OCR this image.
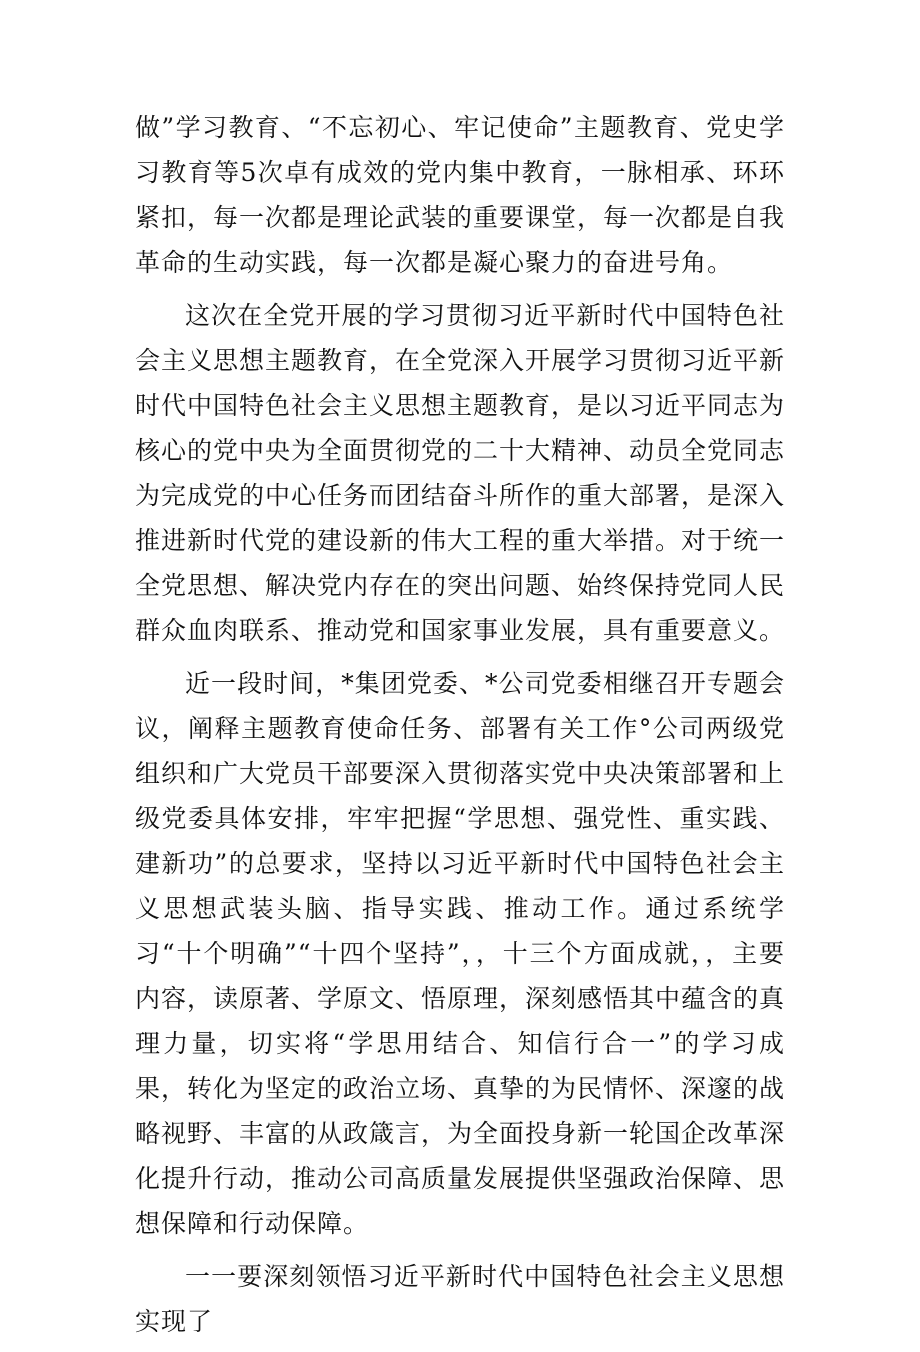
做”学习教育、“不忘初心、牢记使命”主题教育、党史学习教育等5次卓有成效的党内集中教育，一脉相承、环环紧扣，每一次都是理论武装的重要课堂，每一次都是自我革命的生动实践，每一次都是凝心聚力的奋进号角。

这次在全党开展的学习贯彻习近平新时代中国特色社会主义思想主题教育，在全党深入开展学习贯彻习近平新时代中国特色社会主义思想主题教育，是以习近平同志为核心的党中央为全面贯彻党的二十大精神、动员全党同志为完成党的中心任务而团结奋斗所作的重大部署，是深入推进新时代党的建设新的伟大工程的重大举措。对于统一全党思想、解决党内存在的突出问题、始终保持党同人民群众血肉联系、推动党和国家事业发展，具有重要意义。

近一段时间，*集团党委、*公司党委相继召开专题会议，阐释主题教育使命任务、部署有关工作°公司两级党组织和广大党员干部要深入贯彻落实党中央决策部署和上级党委具体安排，牢牢把握“学思想、强党性、重实践、建新功”的总要求，坚持以习近平新时代中国特色社会主义思想武装头脑、指导实践、推动工作。通过系统学习“十个明确”“十四个坚持”，，十三个方面成就，，主要内容，读原著、学原文、悟原理，深刻感悟其中蕴含的真理力量，切实将“学思用结合、知信行合一”的学习成果，转化为坚定的政治立场、真挚的为民情怀、深邃的战略视野、丰富的从政箴言，为全面投身新一轮国企改革深化提升行动，推动公司高质量发展提供坚强政治保障、思想保障和行动保障。

一一要深刻领悟习近平新时代中国特色社会主义思想实现了
